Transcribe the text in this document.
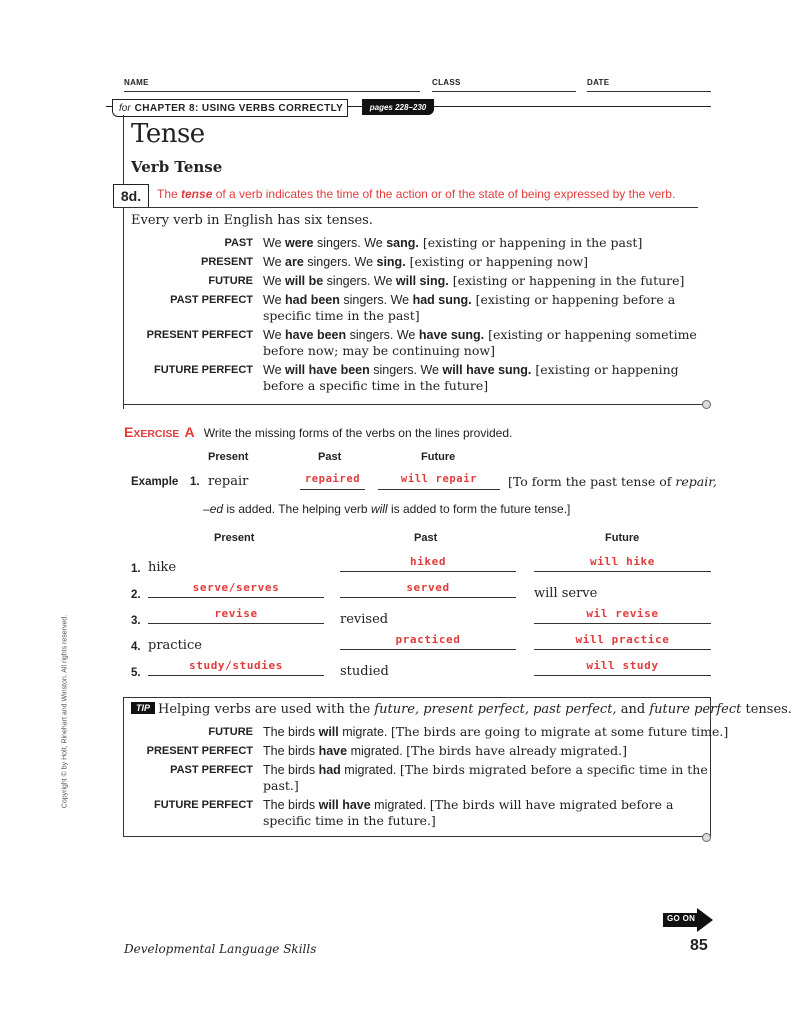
NAME	CLASS	DATE
for CHAPTER 8: USING VERBS CORRECTLY	pages 228–230
Tense
Verb Tense
8d. The tense of a verb indicates the time of the action or of the state of being expressed by the verb.
Every verb in English has six tenses.
PAST We were singers. We sang. [existing or happening in the past]
PRESENT We are singers. We sing. [existing or happening now]
FUTURE We will be singers. We will sing. [existing or happening in the future]
PAST PERFECT We had been singers. We had sung. [existing or happening before a
specific time in the past]
PRESENT PERFECT We have been singers. We have sung. [existing or happening sometime
before now; may be continuing now]
FUTURE PERFECT We will have been singers. We will have sung. [existing or happening
before a specific time in the future]
EXERCISE A Write the missing forms of the verbs on the lines provided.
Present	Past	Future
Example 1. repair	repaired	will repair	[To form the past tense of repair,
–ed is added. The helping verb will is added to form the future tense.]
Present	Past	Future
1. hike	hiked	will hike
2.
serve/serves	served	will serve
3.
revise	revised	wil revise
4. practice	practiced	will practice
5.
study/studies	studied	will study
TIP Helping verbs are used with the future, present perfect, past perfect, and future perfect tenses.
FUTURE The birds will migrate. [The birds are going to migrate at some future time.]
PRESENT PERFECT The birds have migrated. [The birds have already migrated.]
PAST PERFECT The birds had migrated. [The birds migrated before a specific time in the
past.]
FUTURE PERFECT The birds will have migrated. [The birds will have migrated before a
specific time in the future.]
Copyright © by Holt, Rinehart and Winston. All rights reserved.
GO ON
Developmental Language Skills	85
